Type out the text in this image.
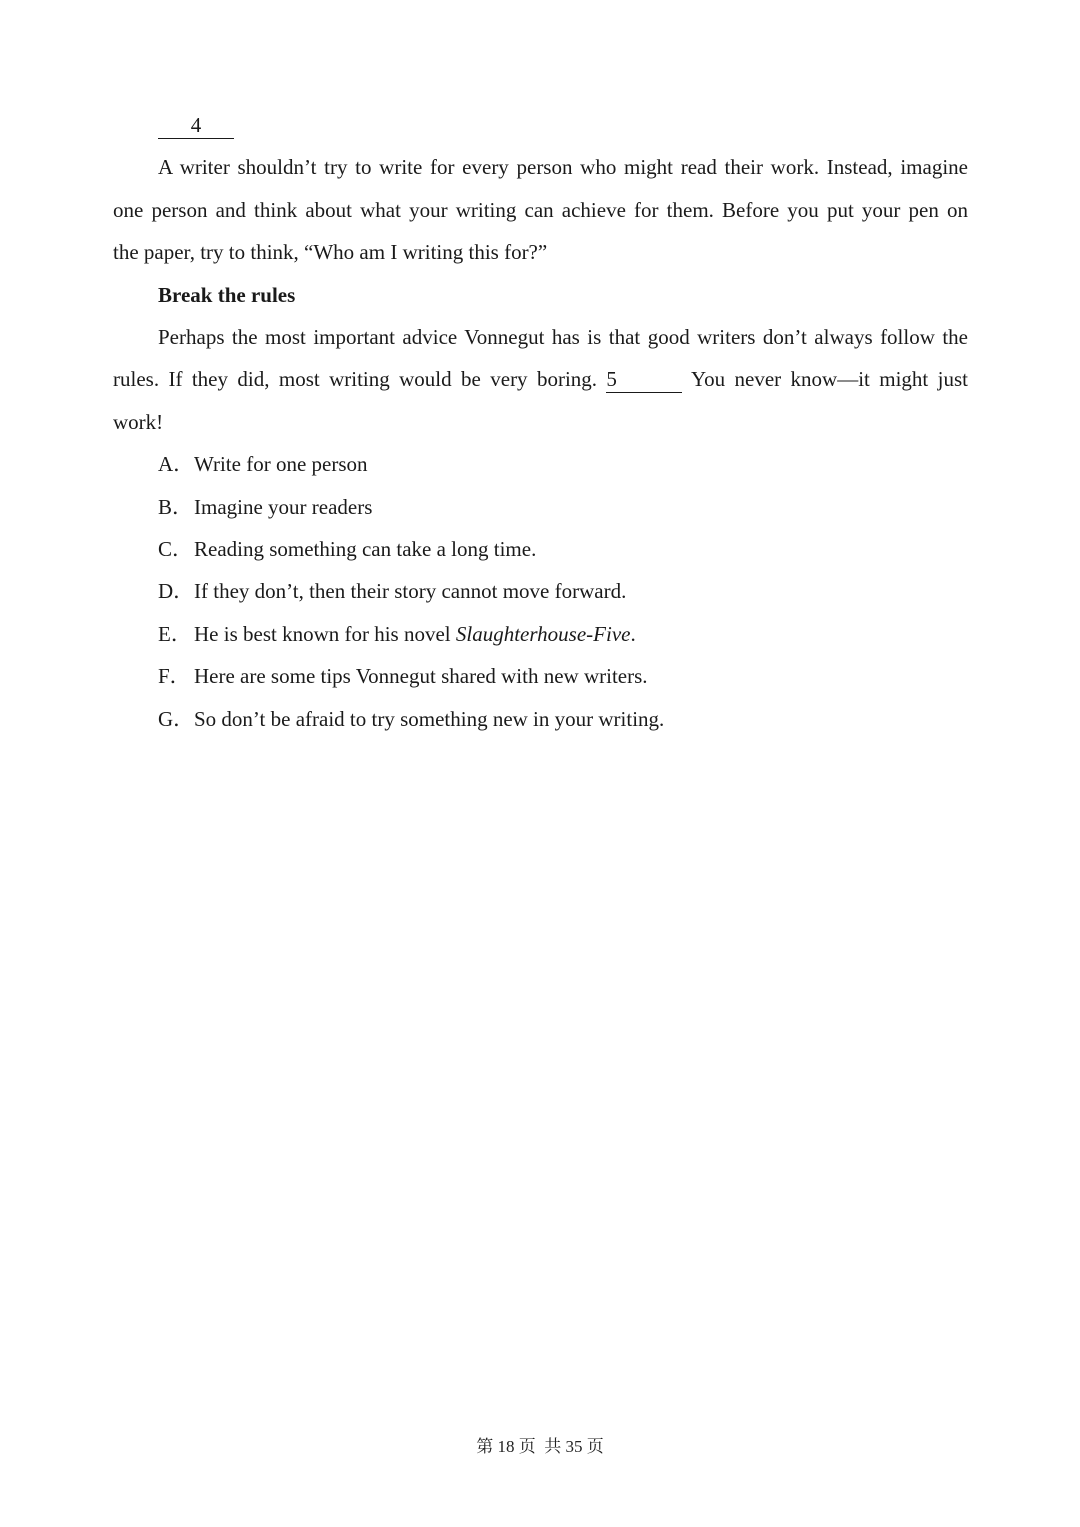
4
A writer shouldn’t try to write for every person who might read their work. Instead, imagine
one person and think about what your writing can achieve for them. Before you put your pen on
the paper, try to think, “Who am I writing this for?”
Break the rules
Perhaps the most important advice Vonnegut has is that good writers don’t always follow the
rules. If they did, most writing would be very boring. 5	You never know—it might just
work!
A．Write for one person
B．Imagine your readers
C．Reading something can take a long time.
D．If they don’t, then their story cannot move forward.
E． He is best known for his novel Slaughterhouse-Five.
F． Here are some tips Vonnegut shared with new writers.
G．So don’t be afraid to try something new in your writing.
第 18 页  共 35 页
